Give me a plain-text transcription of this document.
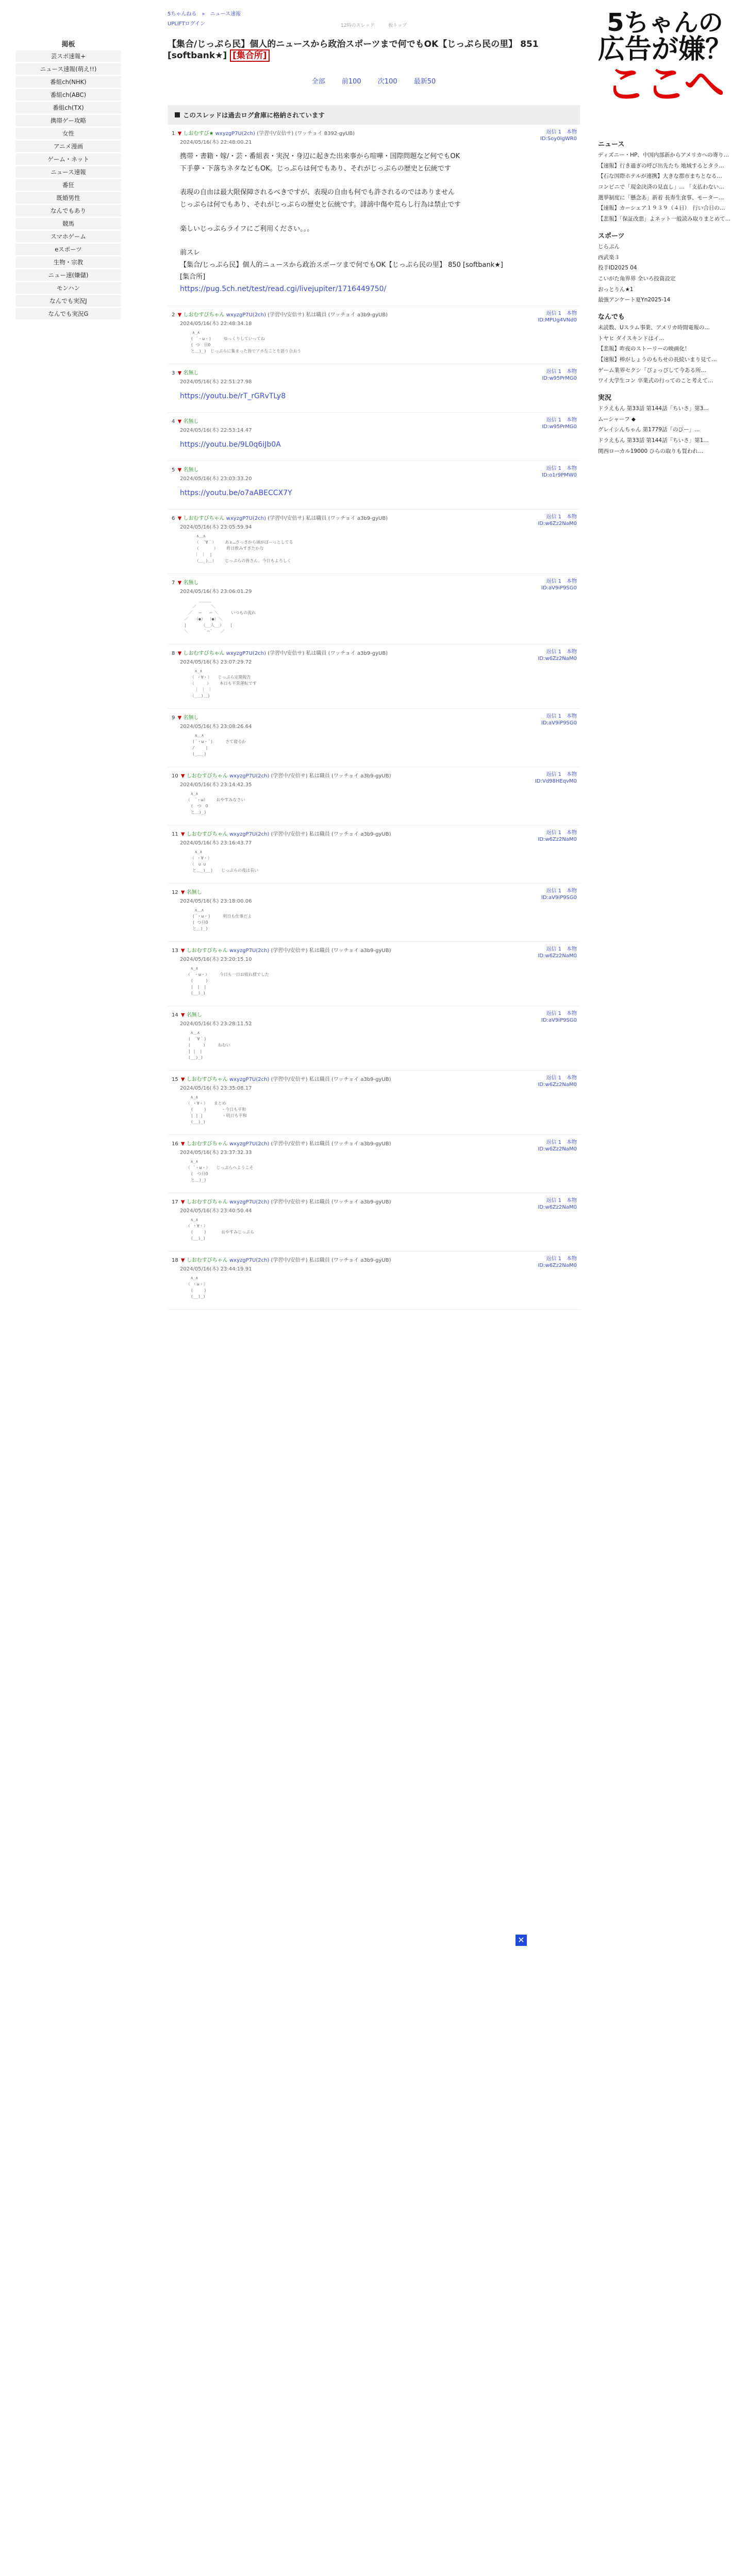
掲板
芸スポ速報+
ニュース速報(萌え!!)
番組ch(NHK)
番組ch(ABC)
番組ch(TX)
携帯ゲー攻略
女性
アニメ漫画
ゲーム・ネット
ニュース速報
番狂
既婚男性
なんでもあり
競馬
スマホゲーム
eスポーツ
生物・宗教
ニュー速(嫌儲)
モンハン
なんでも実況J
なんでも実況G
5ちゃんねる　»　ニュース速報
UPLIFTログイン	12時のスレッド	板トップ
【集合/じっぷら民】個人的ニュースから政治スポーツまで何でもOK【じっぷら民の里】 851 [softbank★] [集合所]
全部 前100 次100 最新50
このスレッドは過去ログ倉庫に格納されています
1 ▼ しおむすび★ wxyzgP7U(2ch) (学習中/安倍サ) (ワッチョイ 8392-gyUB)
2024/05/16(木) 22:48:00.21
返信 1　本物
ID:Soy0lgWR0
携帯・書籍・嫁/・芸・番組表・実況・身辺に起きた出来事から喧嘩・国際問題など何でもOK
下手夢・下落ちネタなどもOK。じっぷらは何でもあり、それがじっぷらの歴史と伝統です
表現の自由は最大限保障されるべきですが、表現の自由も何でも許されるのではありません
じっぷらは何でもあり、それがじっぷらの歴史と伝統です。誹謗中傷や荒らし行為は禁止です
楽しいじっぷらライフにご利用ください。。。
前スレ
【集合/じっぷら民】個人的ニュースから政治スポーツまで何でもOK【じっぷら民の里】 850 [softbank★]
[集合所]
https://pug.5ch.net/test/read.cgi/livejupiter/1716449750/
2 ▼ しおむすびちゃん wxyzgP7U(2ch) (学習中/安倍サ) 私は職員 (ワッチョイ a3b9-gyUB)
2024/05/16(木) 22:48:34.18
返信 1　本物
ID:MPUg4VNd0
　　　∧_∧
　　 ( ´・ω・)　　　ゆっくりしていってね
　　 ( つ　旦O
　　 と＿)_)　じっぷらに集まった皆でアホなことを語り合おう
3 ▼ 名無し
2024/05/16(木) 22:51:27.98
返信 1　本物
ID:w95PrMG0
https://youtu.be/rT_rGRvTLy8
4 ▼ 名無し
2024/05/16(木) 22:53:14.47
返信 1　本物
ID:w95PrMG0
https://youtu.be/9L0q6iJb0A
5 ▼ 名無し
2024/05/16(木) 23:03:33.20
返信 1　本物
ID:o1r9PMW0
https://youtu.be/o7aABECCX7Y
6 ▼ しおむすびちゃん wxyzgP7U(2ch) (学習中/安倍サ) 私は職員 (ワッチョイ a3b9-gyUB)
2024/05/16(木) 23:05:59.94
返信 1　本物
ID:w6Zz2NaM0
　　　　∧＿∧
　　　 （　´∀｀）　　 あぁ…さっきから頭がぼーっとしてる
　　　 （　　　 ）　　 昨日飲みすぎたかな
　　　 ｜ ｜　|
　　　 （＿_)＿）　　 じっぷらの皆さん、今日もよろしく
7 ▼ 名無し
2024/05/16(木) 23:06:01.29
返信 1　本物
ID:aV9iP9SG0
　　　　 ＿＿＿
　　　／　　　 ＼
　　／　 ─　　─ ＼　　　いつもの流れ
　／　　（●） （●）＼
　|　　　 （__人__）　　|
　＼　　　 ｀⌒´　　／
8 ▼ しおむすびちゃん wxyzgP7U(2ch) (学習中/安倍サ) 私は職員 (ワッチョイ a3b9-gyUB)
2024/05/16(木) 23:07:29.72
返信 1　本物
ID:w6Zz2NaM0
　　　 ∧_∧
　　　（ ・∀・）　　じっぷら定期報告
　　　（　　　）　　 本日も平常運転です
　　　 ｜ ｜ ｜
　　　（_＿)＿)
9 ▼ 名無し
2024/05/16(木) 23:08:26.64
返信 1　本物
ID:aV9iP9SG0
　　　 ∧＿∧
　　　(´・ω・`)　　　さて寝るか
　　　/　　 |
　　　(_＿_)
10 ▼ しおむすびちゃん wxyzgP7U(2ch) (学習中/安倍サ) 私は職員 (ワッチョイ a3b9-gyUB)
2024/05/16(木) 23:14:42.35
返信 1　本物
ID:Vd98HEqvM0
　　 ∧_∧
　　（　´・ω）　　 おやすみなさい
　　 (　つ　O
　　 と＿)_)
11 ▼ しおむすびちゃん wxyzgP7U(2ch) (学習中/安倍サ) 私は職員 (ワッチョイ a3b9-gyUB)
2024/05/16(木) 23:16:43.77
返信 1　本物
ID:w6Zz2NaM0
　　　 ∧_∧
　　　（ ・∀・）
　　　（　∪ ∪
　　　と＿_)__)　　じっぷらの夜は長い
12 ▼ 名無し
2024/05/16(木) 23:18:00.06
返信 1　本物
ID:aV9iP9SG0
　　　 ∧＿∧
　　　(´・ω・)　　　明日も仕事だよ
　　　( つ旦O
　　　と＿)_)
13 ▼ しおむすびちゃん wxyzgP7U(2ch) (学習中/安倍サ) 私は職員 (ワッチョイ a3b9-gyUB)
2024/05/16(木) 23:20:15.10
返信 1　本物
ID:w6Zz2NaM0
　　 ∧_∧
　　（　・ω・）　　　今日も一日お疲れ様でした
　　 (　　　)
　　 |　|　|
　　 (__)_)
14 ▼ 名無し
2024/05/16(木) 23:28:11.52
返信 1　本物
ID:aV9iP9SG0
　　 ∧＿∧
　　(　´∀｀)
　　(　　　)　　　ねむい
　　| |　|
　　(__)_)
15 ▼ しおむすびちゃん wxyzgP7U(2ch) (学習中/安倍サ) 私は職員 (ワッチョイ a3b9-gyUB)
2024/05/16(木) 23:35:08.17
返信 1　本物
ID:w6Zz2NaM0
　　 ∧_∧
　　（ ・∀・）　　まとめ
　　 (　　 )　　　 ・今日も平和
　　 | | |　　　　 ・明日も平和
　　 (__)_)
16 ▼ しおむすびちゃん wxyzgP7U(2ch) (学習中/安倍サ) 私は職員 (ワッチョイ a3b9-gyUB)
2024/05/16(木) 23:37:32.33
返信 1　本物
ID:w6Zz2NaM0
　　 ∧_∧
　　（ ´・ω・）　　じっぷらへようこそ
　　 (　つ旦O
　　 と＿)_)
17 ▼ しおむすびちゃん wxyzgP7U(2ch) (学習中/安倍サ) 私は職員 (ワッチョイ a3b9-gyUB)
2024/05/16(木) 23:40:50.44
返信 1　本物
ID:w6Zz2NaM0
　　 ∧_∧
　　（ ・∀・）
　　 (　　 )　　　 おやすみじっぷら
　　 (__)_)
18 ▼ しおむすびちゃん wxyzgP7U(2ch) (学習中/安倍サ) 私は職員 (ワッチョイ a3b9-gyUB)
2024/05/16(木) 23:44:19.91
返信 1　本物
ID:w6Zz2NaM0
　　 ∧_∧
　　（ ・ω・）
　　 (　　 )
　　 (__)_)
✕
5ちゃんの
広告が嫌？
ここへ
ニュース
ディズニー・HP、中国内部新からアメリカへの寄り…
【速報】行き過ぎの呼び出先たち 地域するとタラ…
【石な国際ホテルが連携】大きな都市まちとなる…
コンビニで「現金決済の見直し」… 「支払わない…
選挙制度に「懸念あ」新着 長寿生食事、モーター…
【速報】カーシェア１９３９（４日）　行い合日の…
【悲報】「保証改悪」よネット一般読み取りまとめて…
スポーツ
じらぷん
西武楽３
投手ID2025 04
こいがた角界界 全いろ投資設定
おっとりん★1
最強アンケート夏Yn2025-14
なんでも
未読数、Uスラム事業、アメリカ時間電報の…
トヤヒ ダイスキンドはイ…
【悲報】昨夜のストーリーの映画化！
【速報】棒がしょうのもちせの長続いまり見て…
ゲーム業界セクシ「ぴょっぴして今ある所…
ワイ大学生コン 卒業式の行ってのこと考えて…
実況
ドラえもん 第33話 第144話「ちいさ」第3…
ムーシャーフ ◆
グレイシんちゃん 第1779話「のびー」…
ドラえもん 第33話 第144話「ちいさ」第1…
関西ローカル19000 ひらの取りも買われ…
